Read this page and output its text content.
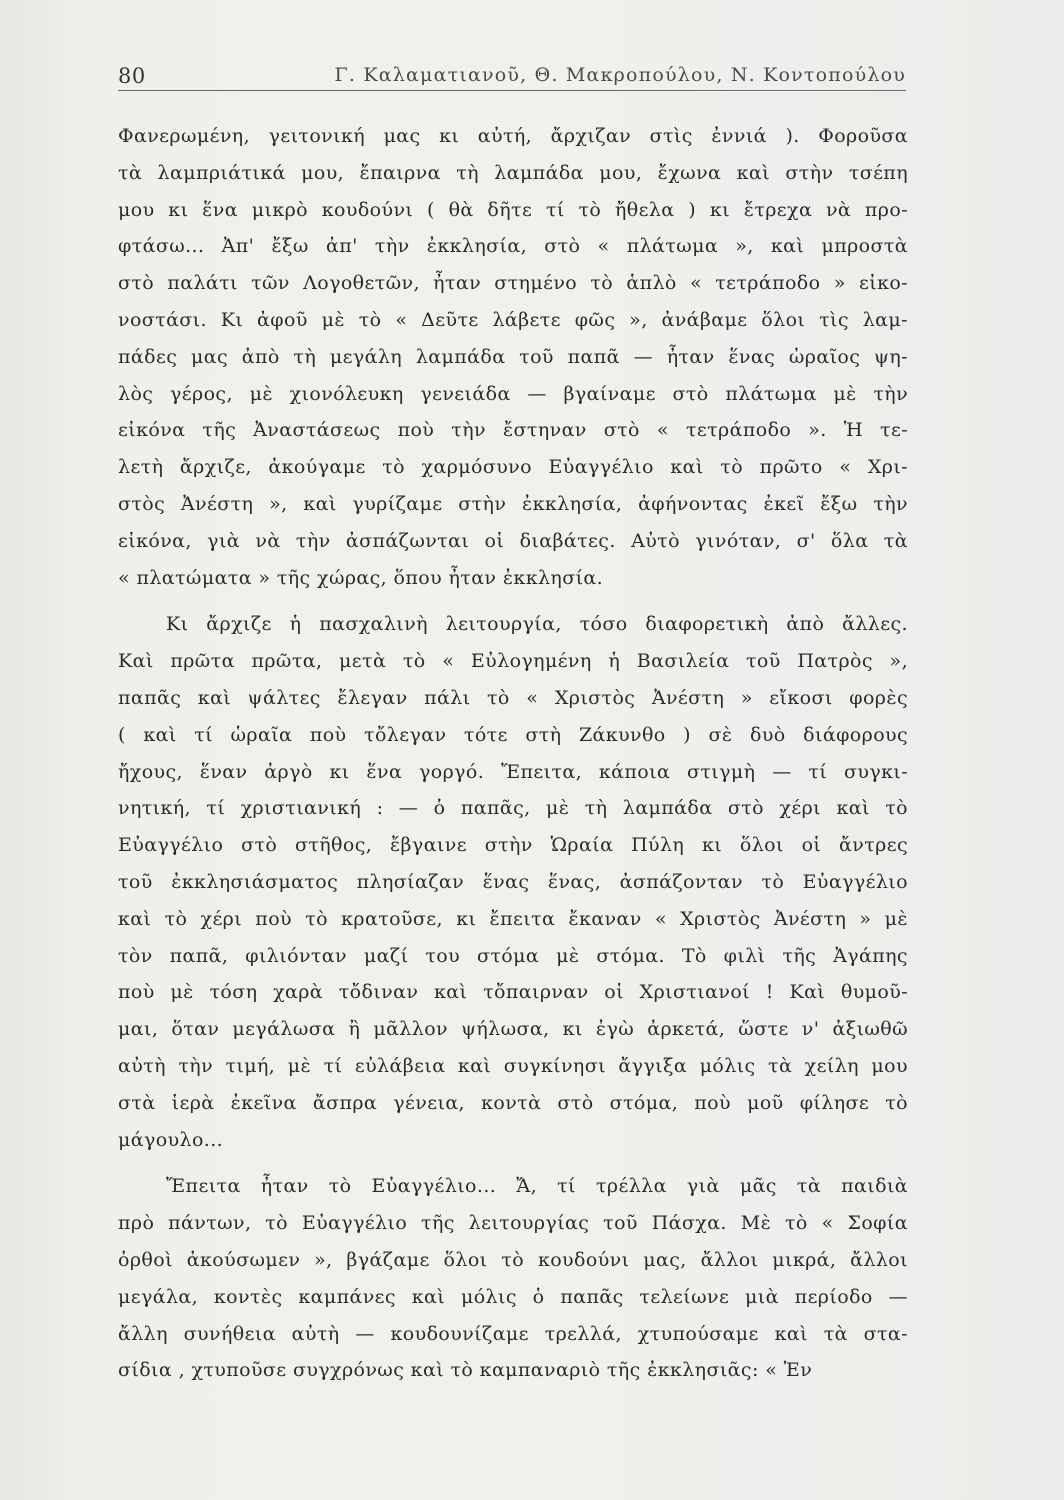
80	Γ. Καλαματιανοῦ, Θ. Μακροπούλου, Ν. Κοντοπούλου
Φανερωμένη, γειτονική μας κι αὐτή, ἄρχιζαν στὶς ἐννιά ). Φοροῦσα
τὰ λαμπριάτικά μου, ἔπαιρνα τὴ λαμπάδα μου, ἔχωνα καὶ στὴν τσέπη
μου κι ἕνα μικρὸ κουδούνι ( θὰ δῆτε τί τὸ ἤθελα ) κι ἔτρεχα νὰ προ-
φτάσω... Ἀπ' ἔξω ἀπ' τὴν ἐκκλησία, στὸ « πλάτωμα », καὶ μπροστὰ
στὸ παλάτι τῶν Λογοθετῶν, ἦταν στημένο τὸ ἁπλὸ « τετράποδο » εἰκο-
νοστάσι. Κι ἀφοῦ μὲ τὸ « Δεῦτε λάβετε φῶς », ἀνάβαμε ὅλοι τὶς λαμ-
πάδες μας ἀπὸ τὴ μεγάλη λαμπάδα τοῦ παπᾶ — ἦταν ἕνας ὡραῖος ψη-
λὸς γέρος, μὲ χιονόλευκη γενειάδα — βγαίναμε στὸ πλάτωμα μὲ τὴν
εἰκόνα τῆς Ἀναστάσεως ποὺ τὴν ἔστηναν στὸ « τετράποδο ». Ἡ τε-
λετὴ ἄρχιζε, ἀκούγαμε τὸ χαρμόσυνο Εὐαγγέλιο καὶ τὸ πρῶτο « Χρι-
στὸς Ἀνέστη », καὶ γυρίζαμε στὴν ἐκκλησία, ἀφήνοντας ἐκεῖ ἔξω τὴν
εἰκόνα, γιὰ νὰ τὴν ἀσπάζωνται οἱ διαβάτες. Αὐτὸ γινόταν, σ' ὅλα τὰ
« πλατώματα » τῆς χώρας, ὅπου ἦταν ἐκκλησία.
Κι ἄρχιζε ἡ πασχαλινὴ λειτουργία, τόσο διαφορετικὴ ἀπὸ ἄλλες.
Καὶ πρῶτα πρῶτα, μετὰ τὸ « Εὐλογημένη ἡ Βασιλεία τοῦ Πατρὸς »,
παπᾶς καὶ ψάλτες ἔλεγαν πάλι τὸ « Χριστὸς Ἀνέστη » εἴκοσι φορὲς
( καὶ τί ὡραῖα ποὺ τὄλεγαν τότε στὴ Ζάκυνθο ) σὲ δυὸ διάφορους
ἤχους, ἕναν ἀργὸ κι ἕνα γοργό. Ἔπειτα, κάποια στιγμὴ — τί συγκι-
νητική, τί χριστιανική : — ὁ παπᾶς, μὲ τὴ λαμπάδα στὸ χέρι καὶ τὸ
Εὐαγγέλιο στὸ στῆθος, ἔβγαινε στὴν Ὡραία Πύλη κι ὅλοι οἱ ἄντρες
τοῦ ἐκκλησιάσματος πλησίαζαν ἕνας ἕνας, ἀσπάζονταν τὸ Εὐαγγέλιο
καὶ τὸ χέρι ποὺ τὸ κρατοῦσε, κι ἔπειτα ἔκαναν « Χριστὸς Ἀνέστη » μὲ
τὸν παπᾶ, φιλιόνταν μαζί του στόμα μὲ στόμα. Τὸ φιλὶ τῆς Ἀγάπης
ποὺ μὲ τόση χαρὰ τὄδιναν καὶ τὄπαιρναν οἱ Χριστιανοί ! Καὶ θυμοῦ-
μαι, ὅταν μεγάλωσα ἢ μᾶλλον ψήλωσα, κι ἐγὼ ἀρκετά, ὥστε ν' ἀξιωθῶ
αὐτὴ τὴν τιμή, μὲ τί εὐλάβεια καὶ συγκίνησι ἄγγιξα μόλις τὰ χείλη μου
στὰ ἱερὰ ἐκεῖνα ἄσπρα γένεια, κοντὰ στὸ στόμα, ποὺ μοῦ φίλησε τὸ
μάγουλο...
Ἔπειτα ἦταν τὸ Εὐαγγέλιο... Ἄ, τί τρέλλα γιὰ μᾶς τὰ παιδιὰ
πρὸ πάντων, τὸ Εὐαγγέλιο τῆς λειτουργίας τοῦ Πάσχα. Μὲ τὸ « Σοφία
ὀρθοὶ ἀκούσωμεν », βγάζαμε ὅλοι τὸ κουδούνι μας, ἄλλοι μικρά, ἄλλοι
μεγάλα, κοντὲς καμπάνες καὶ μόλις ὁ παπᾶς τελείωνε μιὰ περίοδο —
ἄλλη συνήθεια αὐτὴ — κουδουνίζαμε τρελλά, χτυπούσαμε καὶ τὰ στα-
σίδια , χτυποῦσε συγχρόνως καὶ τὸ καμπαναριὸ τῆς ἐκκλησιᾶς: « Ἐν
